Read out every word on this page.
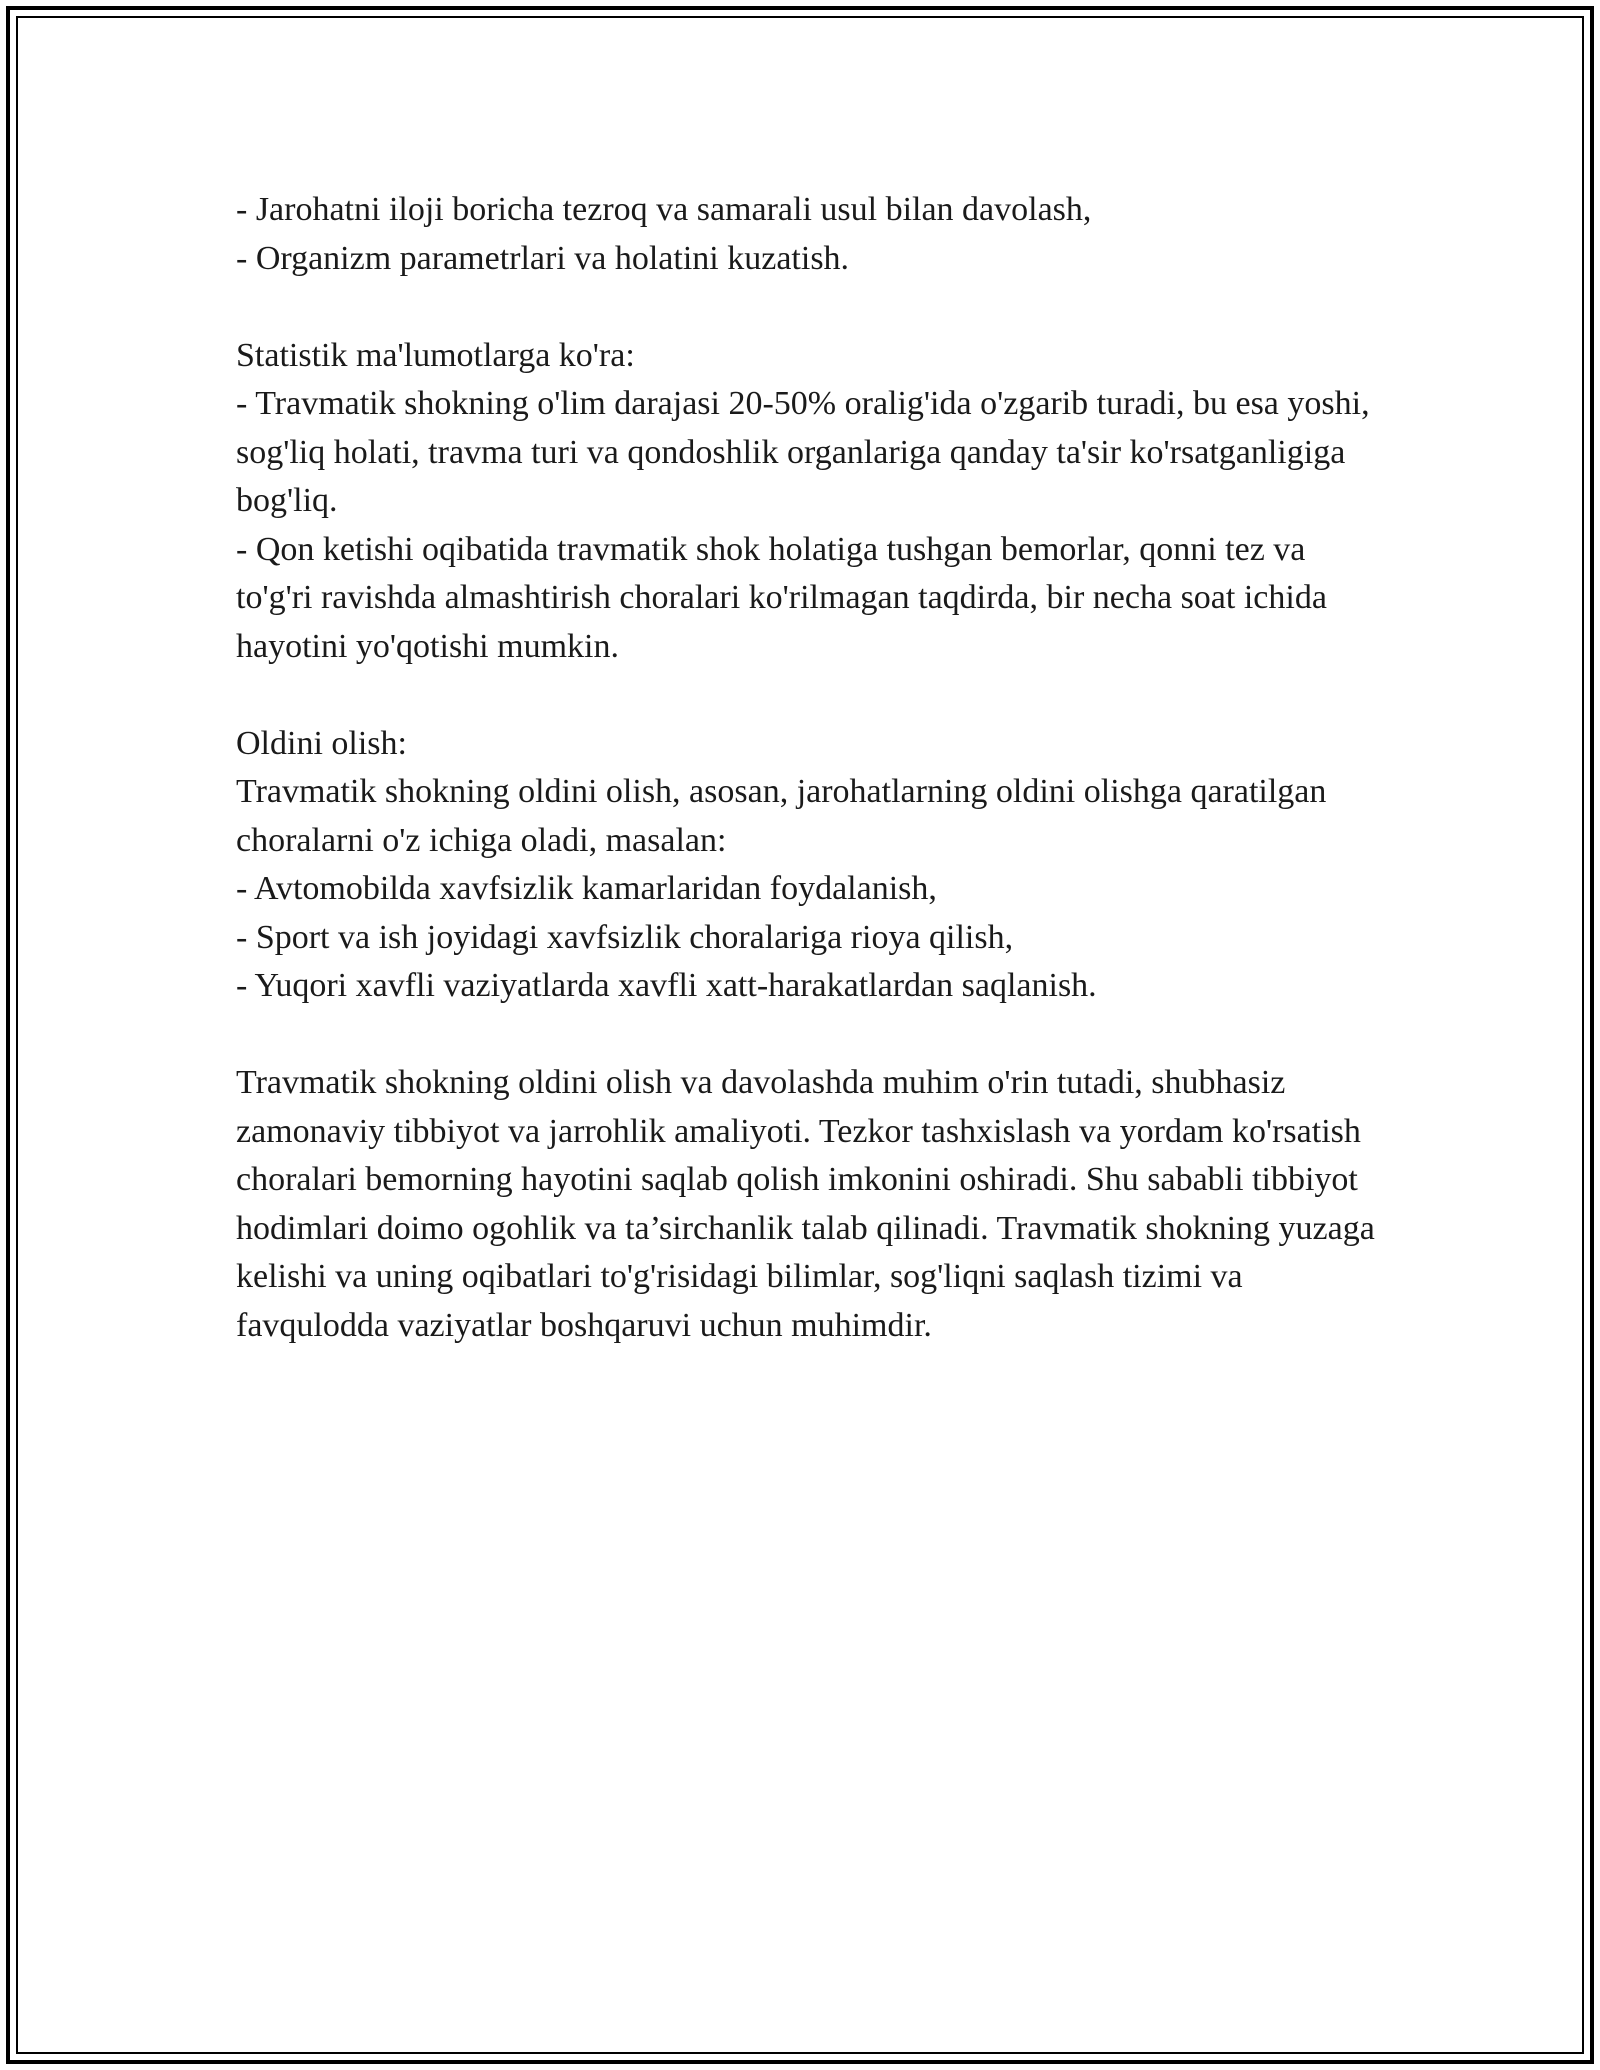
- Jarohatni iloji boricha tezroq va samarali usul bilan davolash,
- Organizm parametrlari va holatini kuzatish.
Statistik ma'lumotlarga ko'ra:
- Travmatik shokning o'lim darajasi 20-50% oralig'ida o'zgarib turadi, bu esa yoshi, sog'liq holati, travma turi va qondoshlik organlariga qanday ta'sir ko'rsatganligiga bog'liq.
- Qon ketishi oqibatida travmatik shok holatiga tushgan bemorlar, qonni tez va to'g'ri ravishda almashtirish choralari ko'rilmagan taqdirda, bir necha soat ichida hayotini yo'qotishi mumkin.
Oldini olish:
Travmatik shokning oldini olish, asosan, jarohatlarning oldini olishga qaratilgan choralarni o'z ichiga oladi, masalan:
- Avtomobilda xavfsizlik kamarlaridan foydalanish,
- Sport va ish joyidagi xavfsizlik choralariga rioya qilish,
- Yuqori xavfli vaziyatlarda xavfli xatt-harakatlardan saqlanish.
Travmatik shokning oldini olish va davolashda muhim o'rin tutadi, shubhasiz zamonaviy tibbiyot va jarrohlik amaliyoti. Tezkor tashxislash va yordam ko'rsatish choralari bemorning hayotini saqlab qolish imkonini oshiradi. Shu sababli tibbiyot hodimlari doimo ogohlik va ta’sirchanlik talab qilinadi. Travmatik shokning yuzaga kelishi va uning oqibatlari to'g'risidagi bilimlar, sog'liqni saqlash tizimi va favqulodda vaziyatlar boshqaruvi uchun muhimdir.
